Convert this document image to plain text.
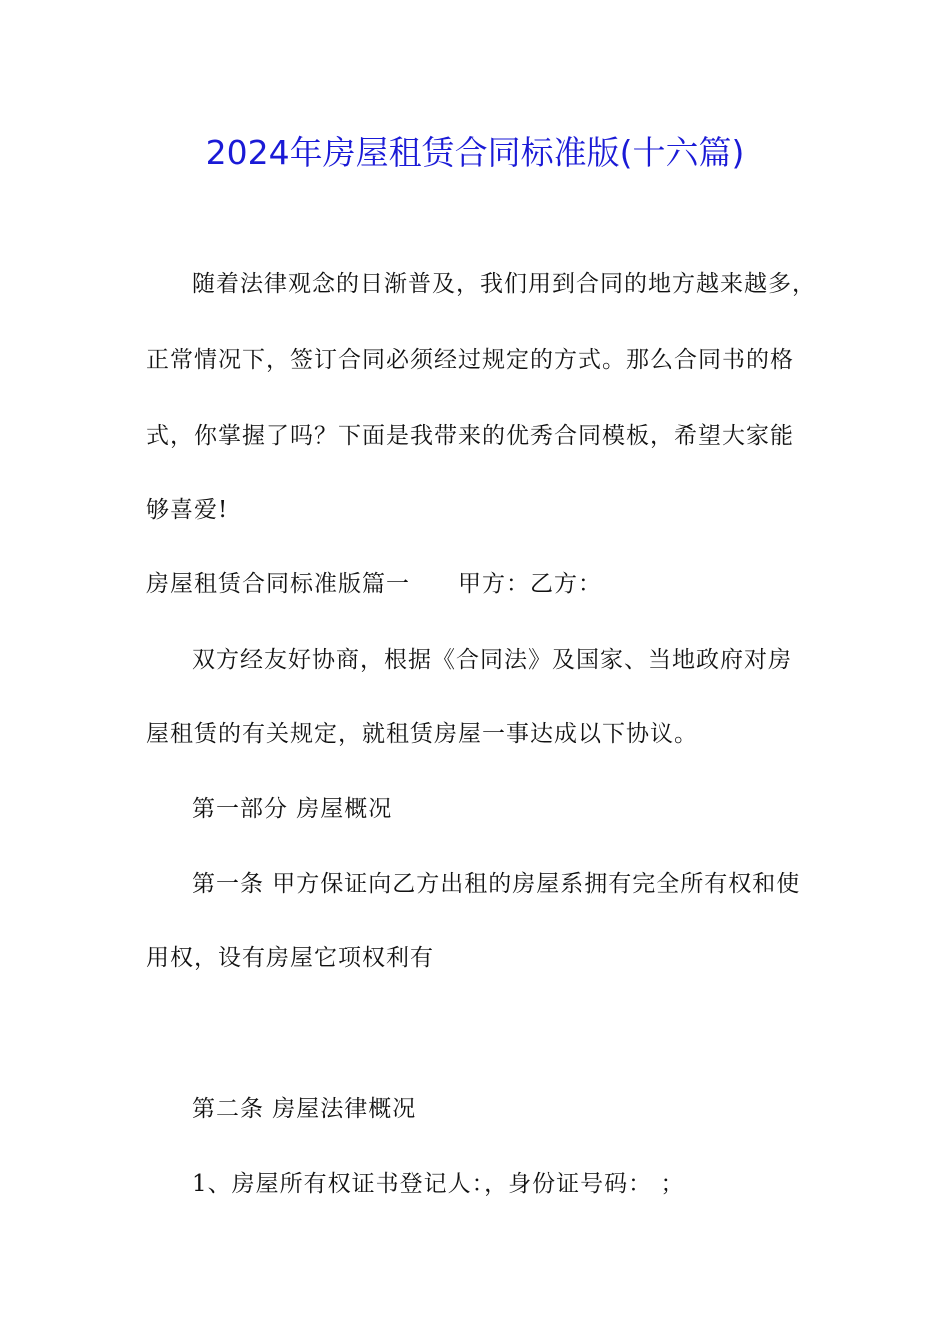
2024年房屋租赁合同标准版(十六篇)
随着法律观念的日渐普及，我们用到合同的地方越来越多，
正常情况下，签订合同必须经过规定的方式。那么合同书的格
式，你掌握了吗？下面是我带来的优秀合同模板，希望大家能
够喜爱!
房屋租赁合同标准版篇一　　甲方：乙方：
双方经友好协商，根据《合同法》及国家、当地政府对房
屋租赁的有关规定，就租赁房屋一事达成以下协议。
第一部分 房屋概况
第一条 甲方保证向乙方出租的房屋系拥有完全所有权和使
用权，设有房屋它项权利有
第二条 房屋法律概况
1、房屋所有权证书登记人：，身份证号码： ；
